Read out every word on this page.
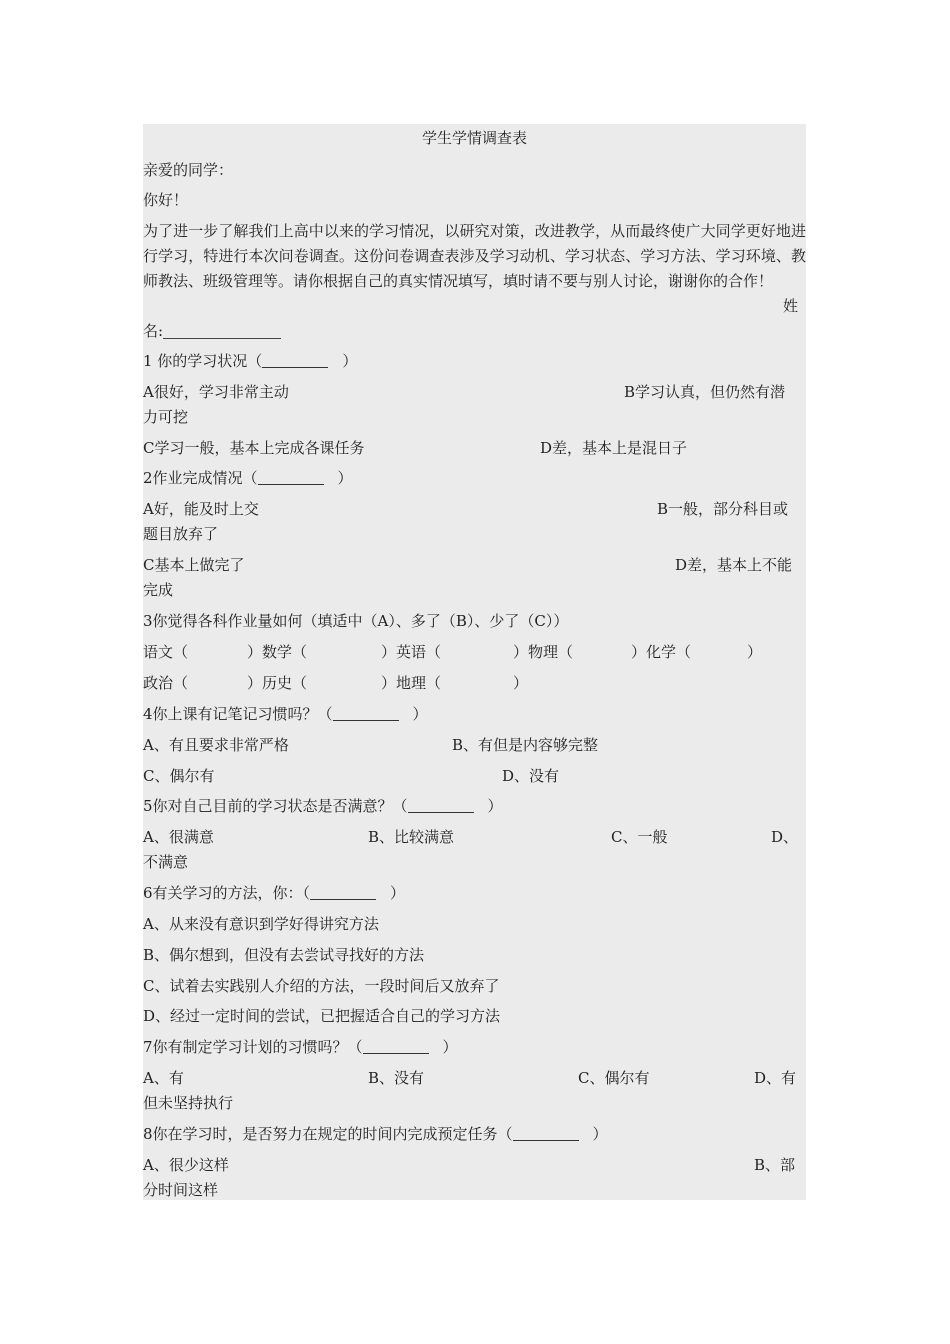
学生学情调查表
亲爱的同学：
你好！
为了进一步了解我们上高中以来的学习情况，以研究对策，改进教学，从而最终使广大同学更好地进行学习，特进行本次问卷调查。这份问卷调查表涉及学习动机、学习状态、学习方法、学习环境、教师教法、班级管理等。请你根据自己的真实情况填写，填时请不要与别人讨论，谢谢你的合作！
姓
名:
1 你的学习状况（	）
A很好，学习非常主动	B学习认真，但仍然有潜
力可挖
C学习一般，基本上完成各课任务	D差，基本上是混日子
2作业完成情况（	）
A好，能及时上交	B一般，部分科目或
题目放弃了
C基本上做完了	D差，基本上不能
完成
3你觉得各科作业量如何（填适中（A）、多了（B）、少了（C））
语文（	）数学（	）英语（	）物理（	）化学（	）
政治（	）历史（	）地理（	）
4你上课有记笔记习惯吗？（	）
A、有且要求非常严格	B、有但是内容够完整
C、偶尔有	D、没有
5你对自己目前的学习状态是否满意？（	）
A、很满意	B、比较满意	C、一般	D、
不满意
6有关学习的方法，你：（	）
A、从来没有意识到学好得讲究方法
B、偶尔想到，但没有去尝试寻找好的方法
C、试着去实践别人介绍的方法，一段时间后又放弃了
D、经过一定时间的尝试，已把握适合自己的学习方法
7你有制定学习计划的习惯吗？（	）
A、有	B、没有	C、偶尔有	D、有
但未坚持执行
8你在学习时，是否努力在规定的时间内完成预定任务（	）
A、很少这样	B、部
分时间这样
